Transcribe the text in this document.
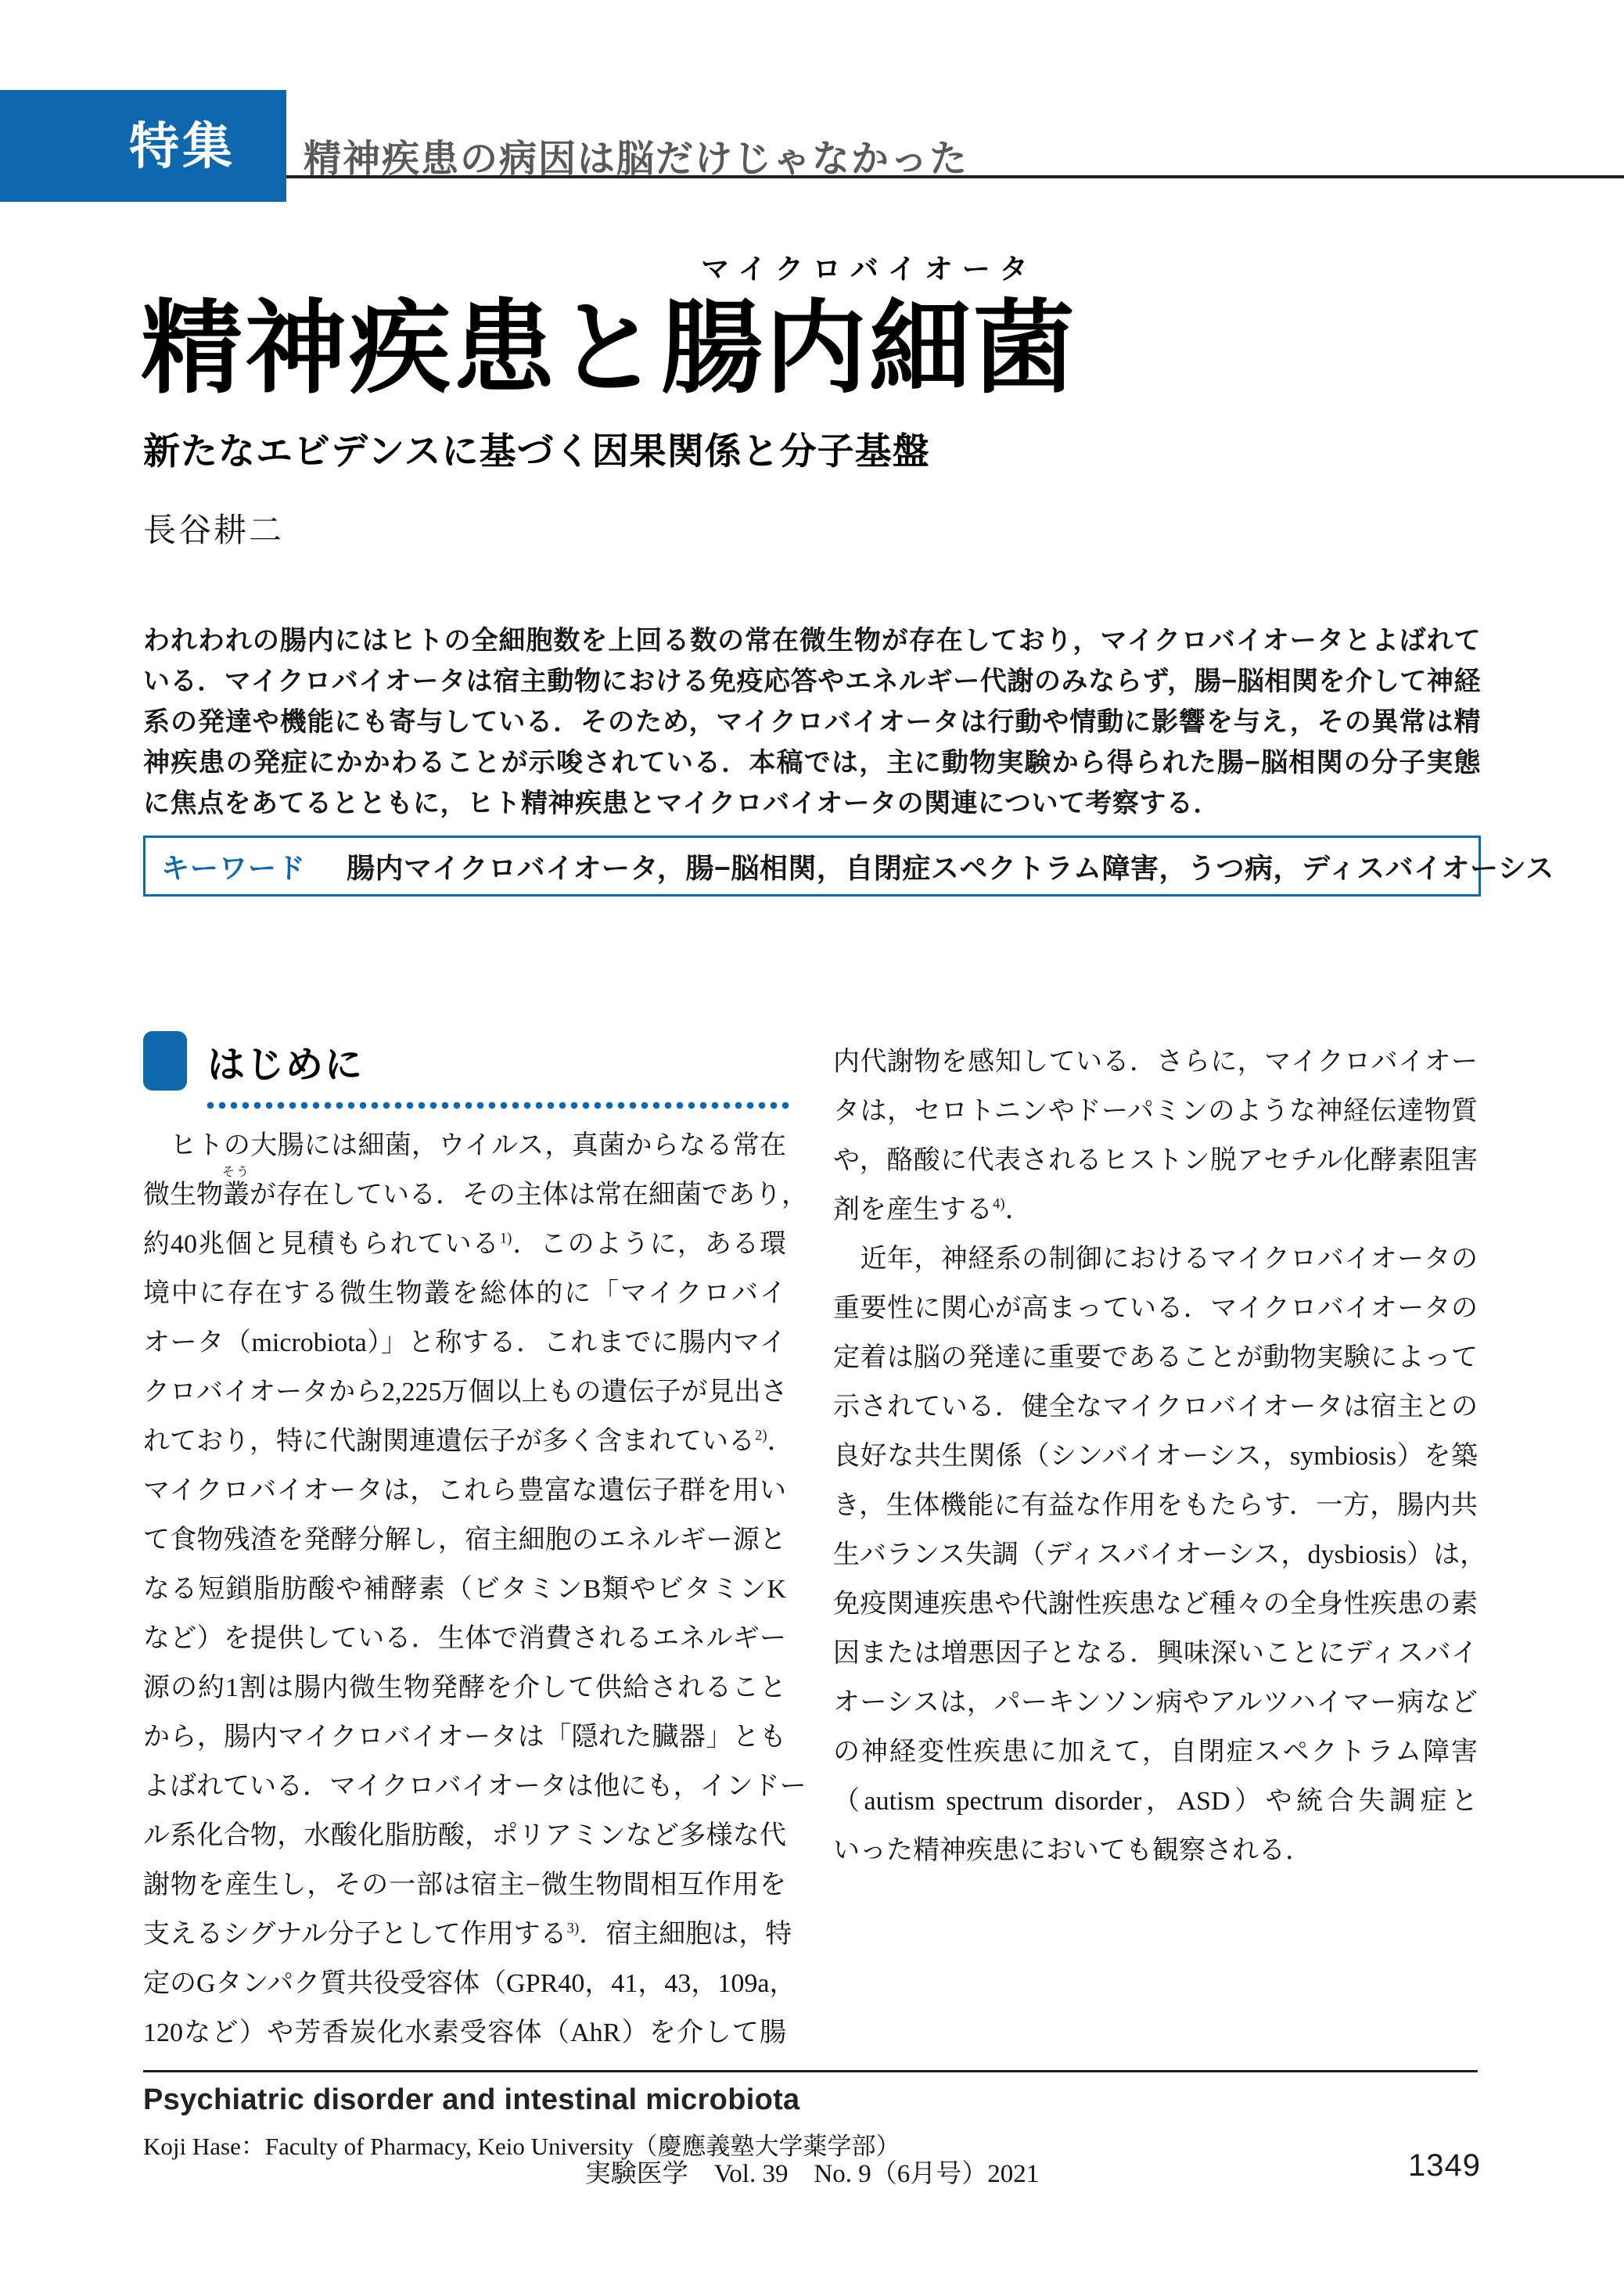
特集 精神疾患の病因は脳だけじゃなかった
精神疾患と腸内細菌
マイクロバイオータ
新たなエビデンスに基づく因果関係と分子基盤
長谷耕二
われわれの腸内にはヒトの全細胞数を上回る数の常在微生物が存在しており，マイクロバイオータとよばれている．マイクロバイオータは宿主動物における免疫応答やエネルギー代謝のみならず，腸−脳相関を介して神経系の発達や機能にも寄与している．そのため，マイクロバイオータは行動や情動に影響を与え，その異常は精神疾患の発症にかかわることが示唆されている．本稿では，主に動物実験から得られた腸−脳相関の分子実態に焦点をあてるとともに，ヒト精神疾患とマイクロバイオータの関連について考察する．
キーワード 腸内マイクロバイオータ，腸−脳相関，自閉症スペクトラム障害，うつ病，ディスバイオーシス
はじめに
　ヒトの大腸には細菌，ウイルス，真菌からなる常在
微生物叢
そう
が存在している．その主体は常在細菌であり，
約40兆個と見積もられている$^{1)}$．このように，ある環
境中に存在する微生物叢を総体的に「マイクロバイ
オータ（microbiota）」と称する．これまでに腸内マイ
クロバイオータから2,225万個以上もの遺伝子が見出さ
れており，特に代謝関連遺伝子が多く含まれている$^{2)}$．
マイクロバイオータは，これら豊富な遺伝子群を用い
て食物残渣を発酵分解し，宿主細胞のエネルギー源と
なる短鎖脂肪酸や補酵素（ビタミンB類やビタミンK
など）を提供している．生体で消費されるエネルギー
源の約1割は腸内微生物発酵を介して供給されること
から，腸内マイクロバイオータは「隠れた臓器」とも
よばれている．マイクロバイオータは他にも，インドー
ル系化合物，水酸化脂肪酸，ポリアミンなど多様な代
謝物を産生し，その一部は宿主−微生物間相互作用を
支えるシグナル分子として作用する$^{3)}$．宿主細胞は，特
定のGタンパク質共役受容体（GPR40，41，43，109a，
120など）や芳香炭化水素受容体（AhR）を介して腸
内代謝物を感知している．さらに，マイクロバイオー
タは，セロトニンやドーパミンのような神経伝達物質
や，酪酸に代表されるヒストン脱アセチル化酵素阻害
剤を産生する$^{4)}$．
　近年，神経系の制御におけるマイクロバイオータの
重要性に関心が高まっている．マイクロバイオータの
定着は脳の発達に重要であることが動物実験によって
示されている．健全なマイクロバイオータは宿主との
良好な共生関係（シンバイオーシス，symbiosis）を築
き，生体機能に有益な作用をもたらす．一方，腸内共
生バランス失調（ディスバイオーシス，dysbiosis）は，
免疫関連疾患や代謝性疾患など種々の全身性疾患の素
因または増悪因子となる．興味深いことにディスバイ
オーシスは，パーキンソン病やアルツハイマー病など
の神経変性疾患に加えて，自閉症スペクトラム障害
（autism spectrum disorder，ASD）や統合失調症と
いった精神疾患においても観察される．
Psychiatric disorder and intestinal microbiota
Koji Hase：Faculty of Pharmacy, Keio University（慶應義塾大学薬学部）
実験医学　Vol. 39　No. 9（6月号）2021	1349
